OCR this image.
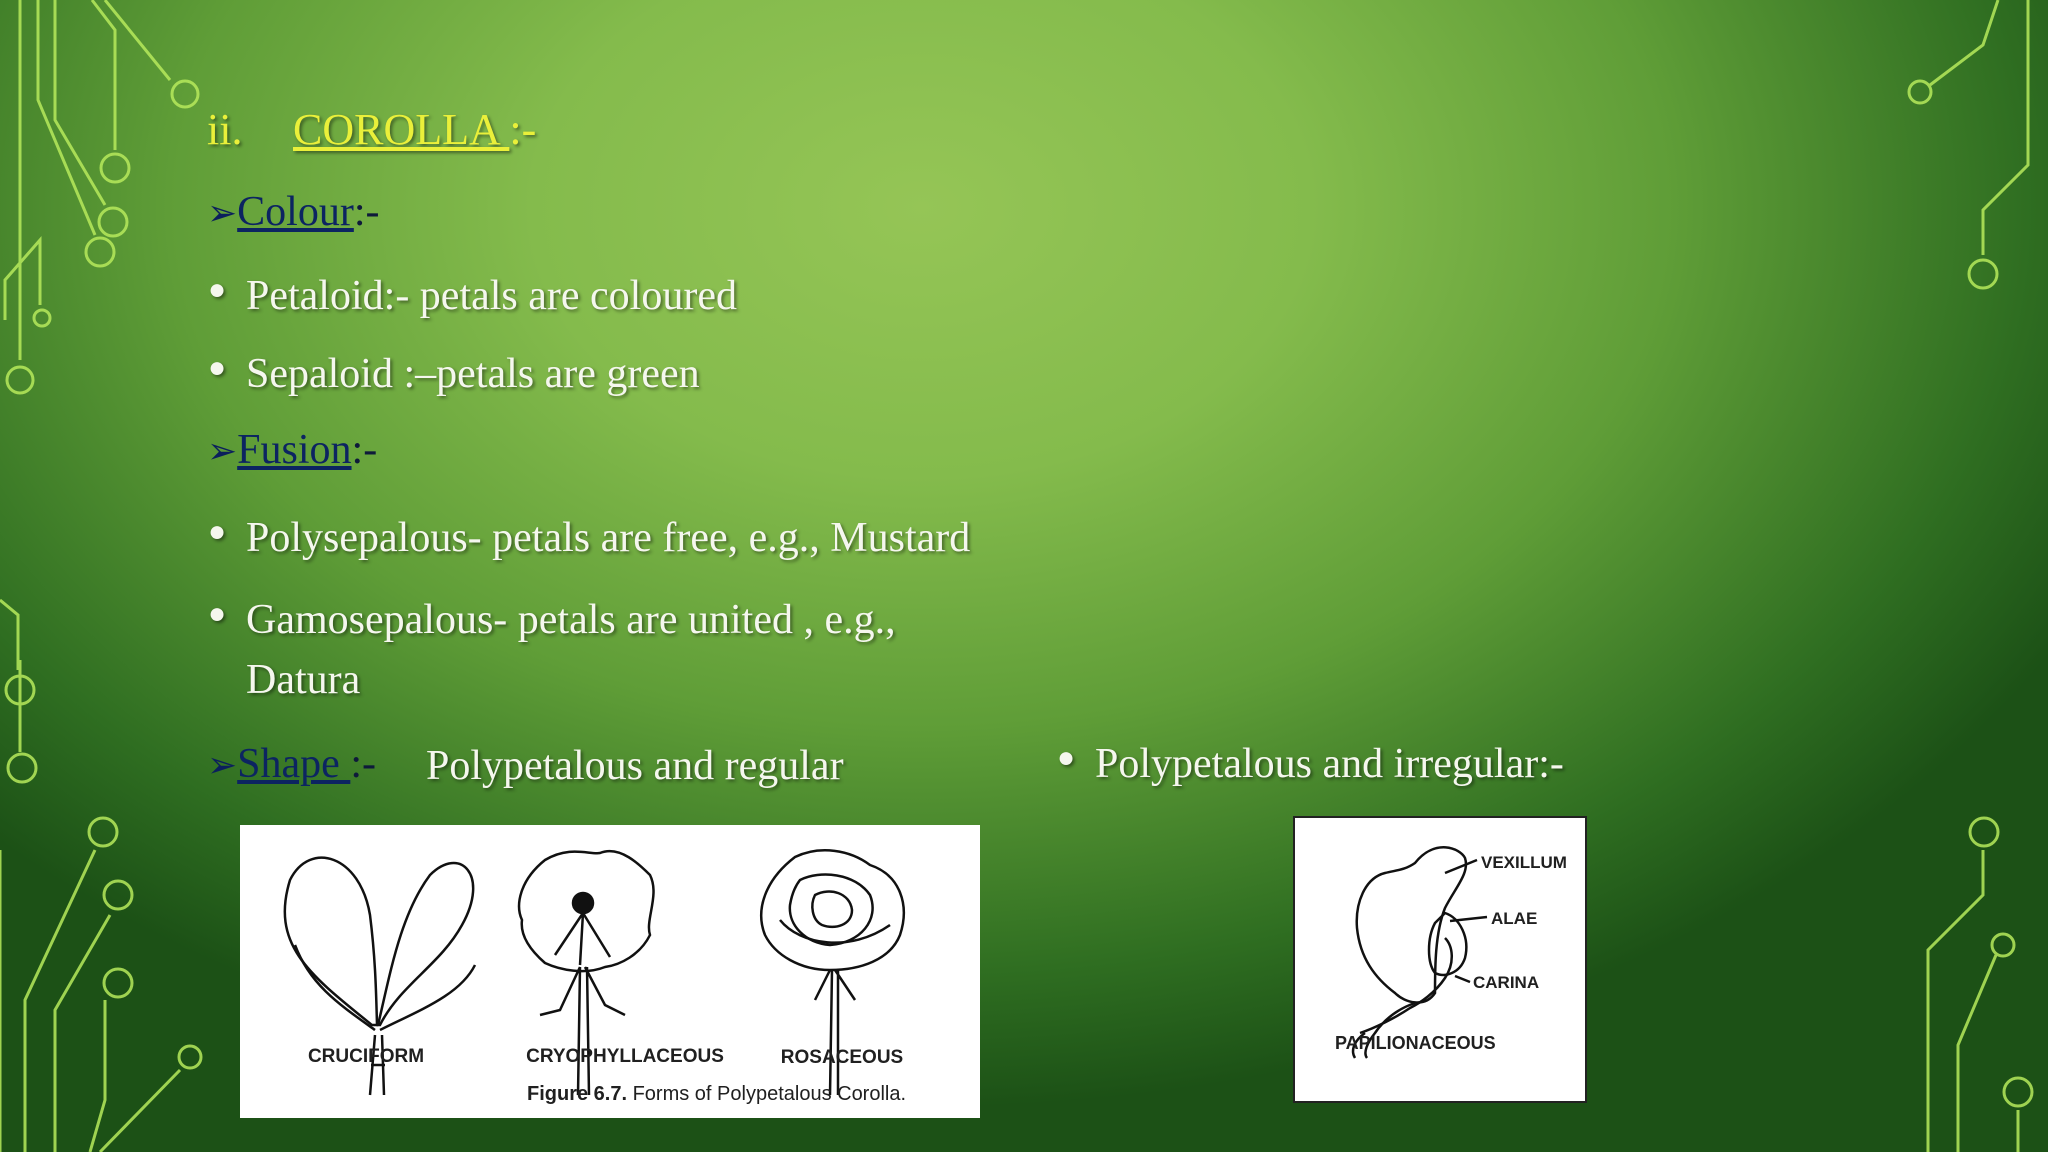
ii. COROLLA :-
➢Colour:-
● Petaloid:- petals are coloured
● Sepaloid :–petals are green
➢Fusion:-
● Polysepalous- petals are free, e.g., Mustard
● Gamosepalous- petals are united , e.g.,
Datura
➢Shape :- Polypetalous and regular	● Polypetalous and irregular:-
CRUCIFORM	CRYOPHYLLACEOUS	ROSACEOUS
Figure 6.7. Forms of Polypetalous Corolla.
VEXILLUM
ALAE
CARINA
PAPILIONACEOUS
